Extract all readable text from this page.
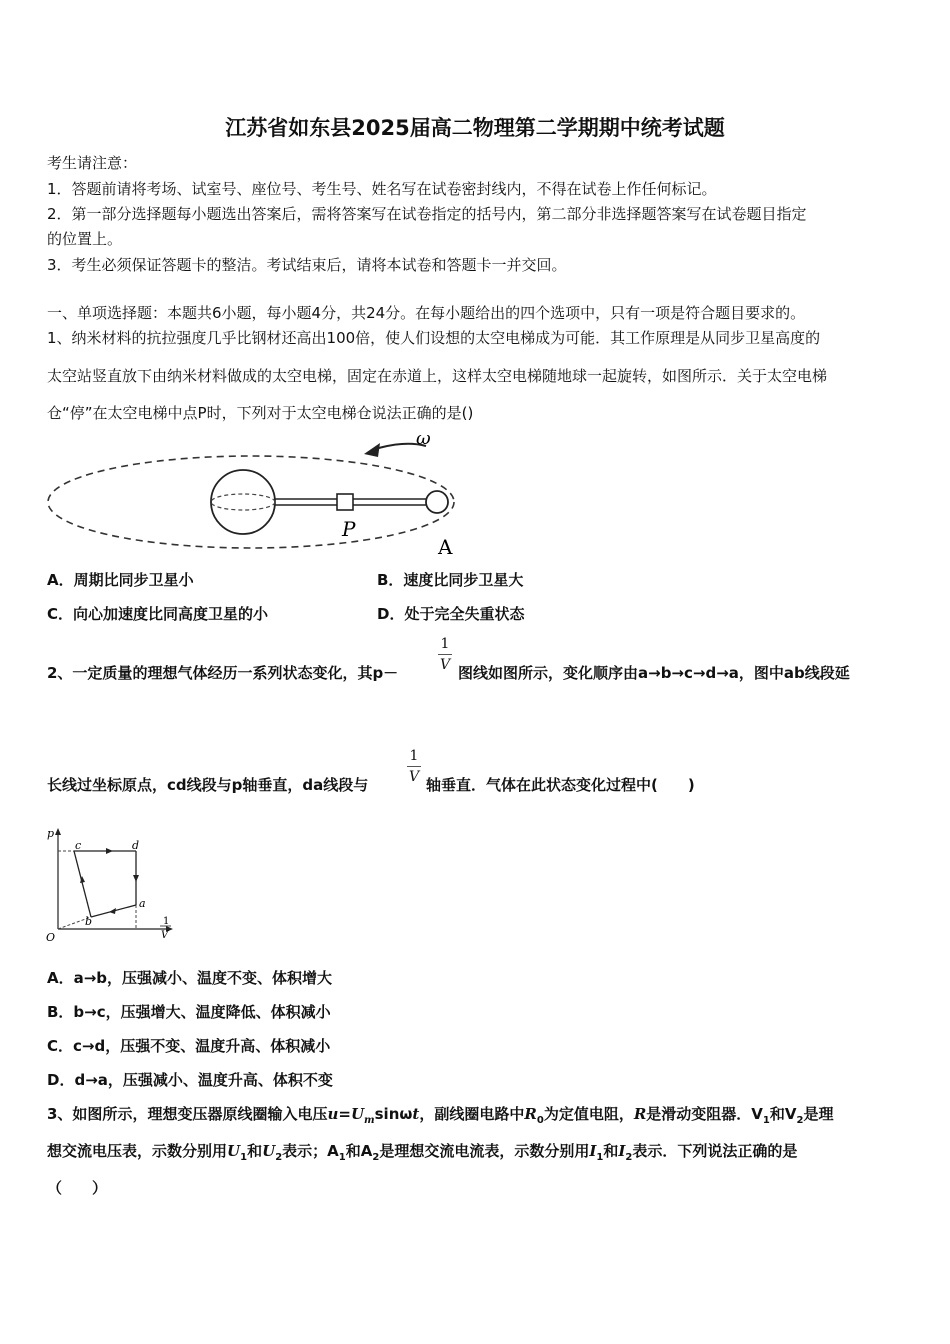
江苏省如东县2025届高二物理第二学期期中统考试题
考生请注意：
1．答题前请将考场、试室号、座位号、考生号、姓名写在试卷密封线内，不得在试卷上作任何标记。
2．第一部分选择题每小题选出答案后，需将答案写在试卷指定的括号内，第二部分非选择题答案写在试卷题目指定
的位置上。
3．考生必须保证答题卡的整洁。考试结束后，请将本试卷和答题卡一并交回。
一、单项选择题：本题共6小题，每小题4分，共24分。在每小题给出的四个选项中，只有一项是符合题目要求的。
1、纳米材料的抗拉强度几乎比钢材还高出100倍，使人们设想的太空电梯成为可能．其工作原理是从同步卫星高度的
太空站竖直放下由纳米材料做成的太空电梯，固定在赤道上，这样太空电梯随地球一起旋转，如图所示．关于太空电梯
仓“停”在太空电梯中点P时，下列对于太空电梯仓说法正确的是()
ω
P
A
A．周期比同步卫星小	B．速度比同步卫星大
C．向心加速度比同高度卫星的小	D．处于完全失重状态
2、一定质量的理想气体经历一系列状态变化，其p－
1
V 图线如图所示，变化顺序由a→b→c→d→a，图中ab线段延
长线过坐标原点，cd线段与p轴垂直，da线段与
1
V 轴垂直．气体在此状态变化过程中(　　)
p
O
c	d
a
b	1
V
A．a→b，压强减小、温度不变、体积增大
B．b→c，压强增大、温度降低、体积减小
C．c→d，压强不变、温度升高、体积减小
D．d→a，压强减小、温度升高、体积不变
3、如图所示，理想变压器原线圈输入电压$u=U_m\sin\omega t$，副线圈电路中$R_0$为定值电阻，R是滑动变阻器．$V_1$和$V_2$是理
想交流电压表，示数分别用$U_1$和$U_2$表示；$A_1$和$A_2$是理想交流电流表，示数分别用$I_1$和$I_2$表示．下列说法正确的是
（　　）
